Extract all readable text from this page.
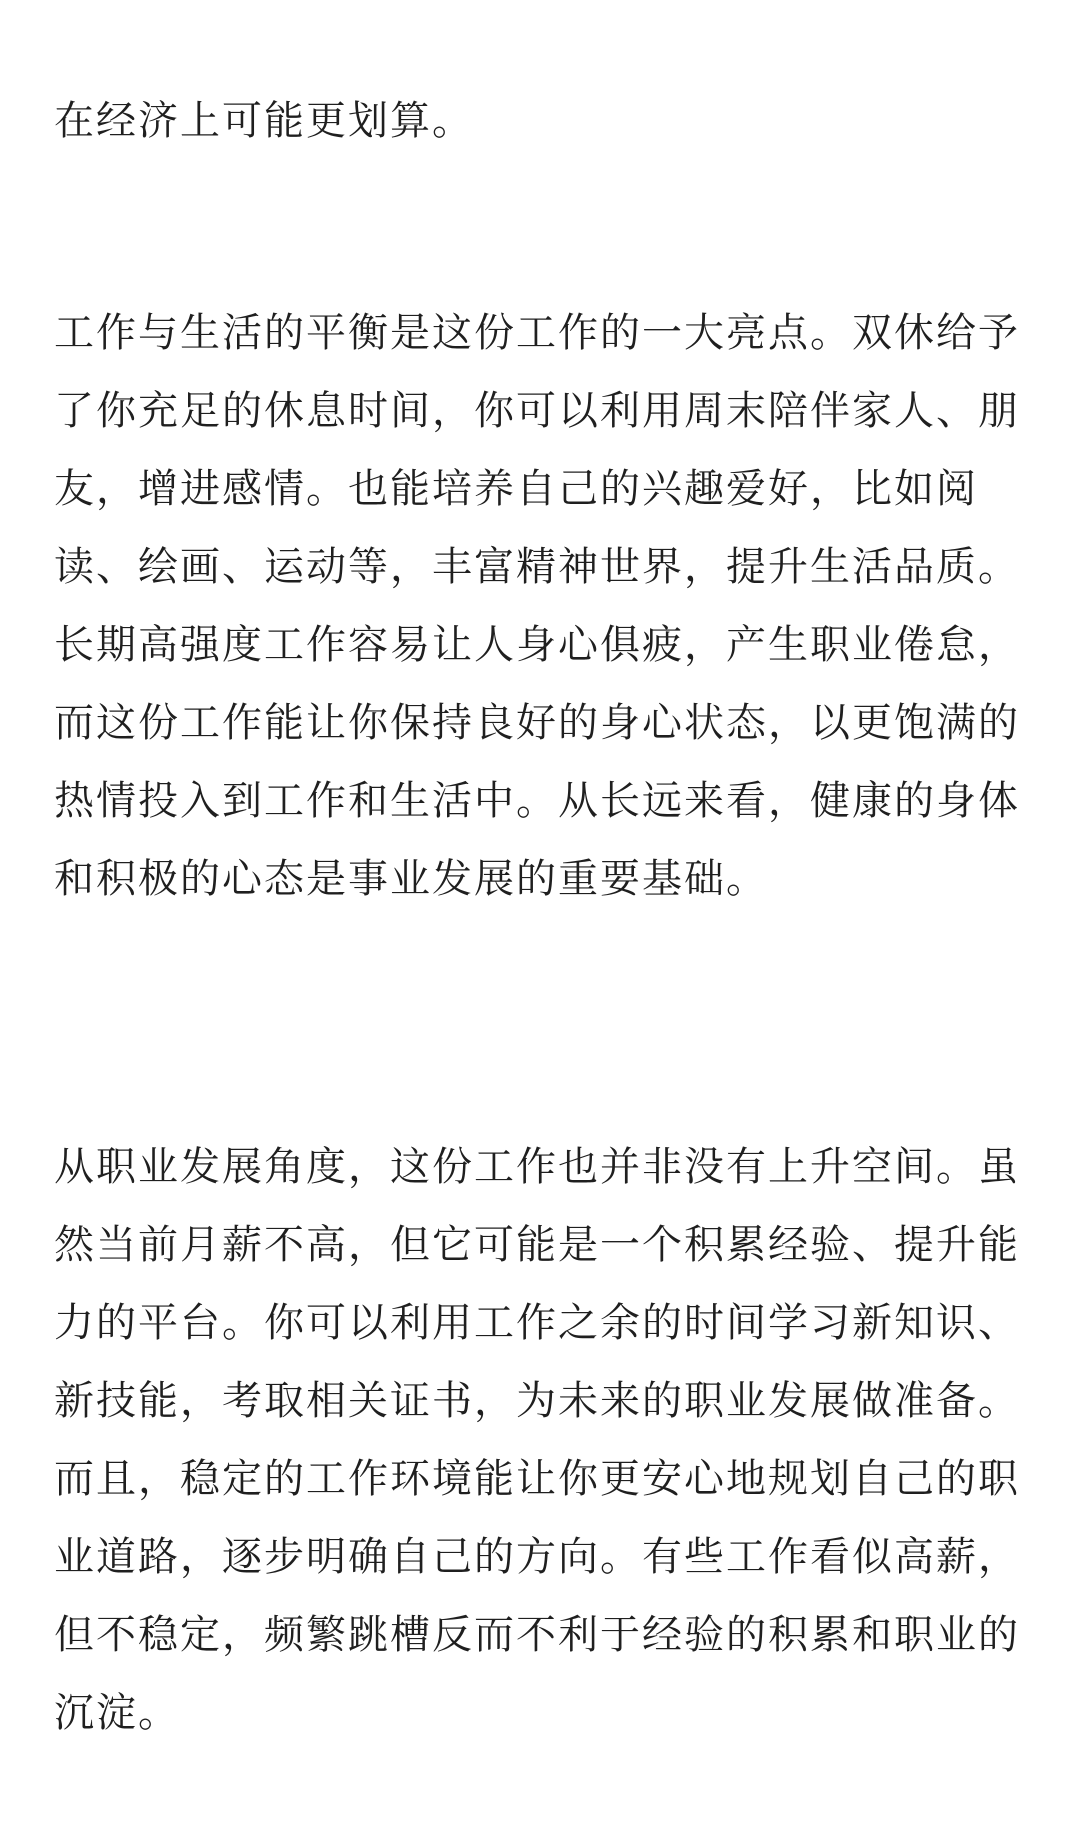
在经济上可能更划算。

工作与生活的平衡是这份工作的一大亮点。双休给予了你充足的休息时间，你可以利用周末陪伴家人、朋友，增进感情。也能培养自己的兴趣爱好，比如阅读、绘画、运动等，丰富精神世界，提升生活品质。长期高强度工作容易让人身心俱疲，产生职业倦怠，而这份工作能让你保持良好的身心状态，以更饱满的热情投入到工作和生活中。从长远来看，健康的身体和积极的心态是事业发展的重要基础。

从职业发展角度，这份工作也并非没有上升空间。虽然当前月薪不高，但它可能是一个积累经验、提升能力的平台。你可以利用工作之余的时间学习新知识、新技能，考取相关证书，为未来的职业发展做准备。而且，稳定的工作环境能让你更安心地规划自己的职业道路，逐步明确自己的方向。有些工作看似高薪，但不稳定，频繁跳槽反而不利于经验的积累和职业的沉淀。
